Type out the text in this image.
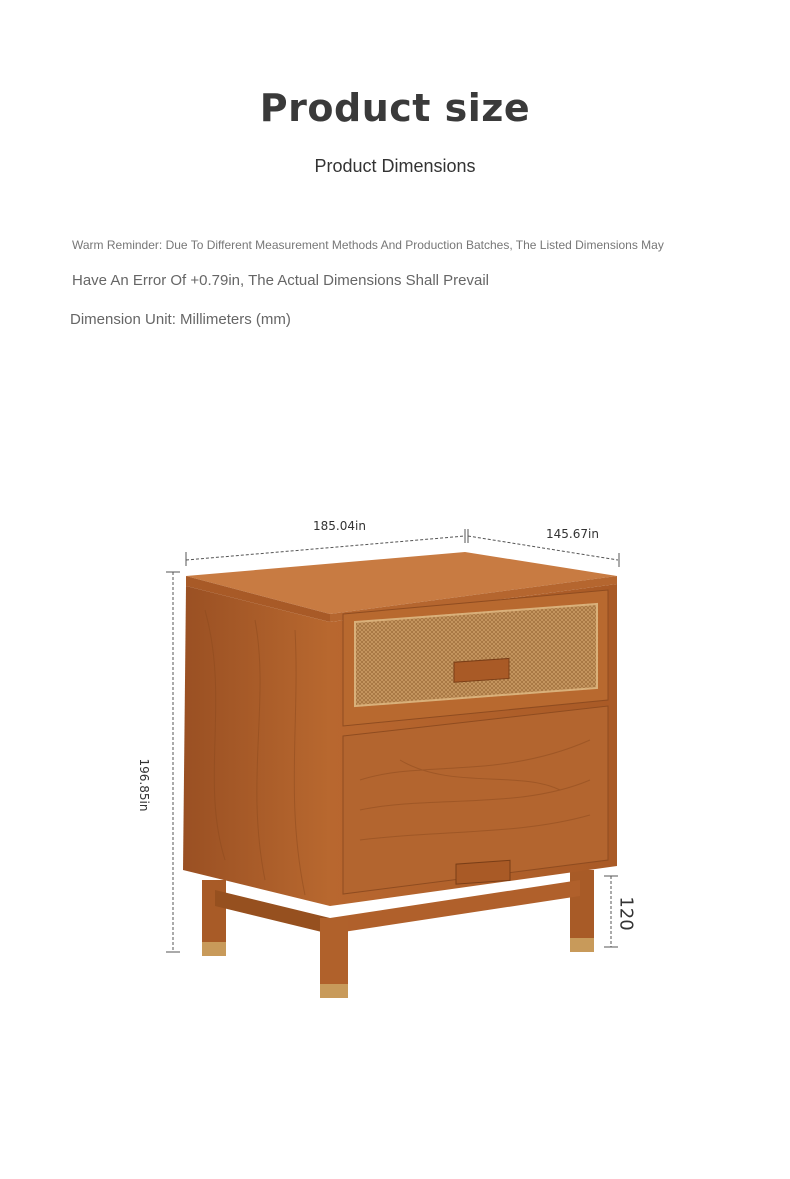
Product size
Product Dimensions
Warm Reminder: Due To Different Measurement Methods And Production Batches, The Listed Dimensions May
Have An Error Of +0.79in, The Actual Dimensions Shall Prevail
Dimension Unit: Millimeters (mm)
185.04in
145.67in
196.85in
120
